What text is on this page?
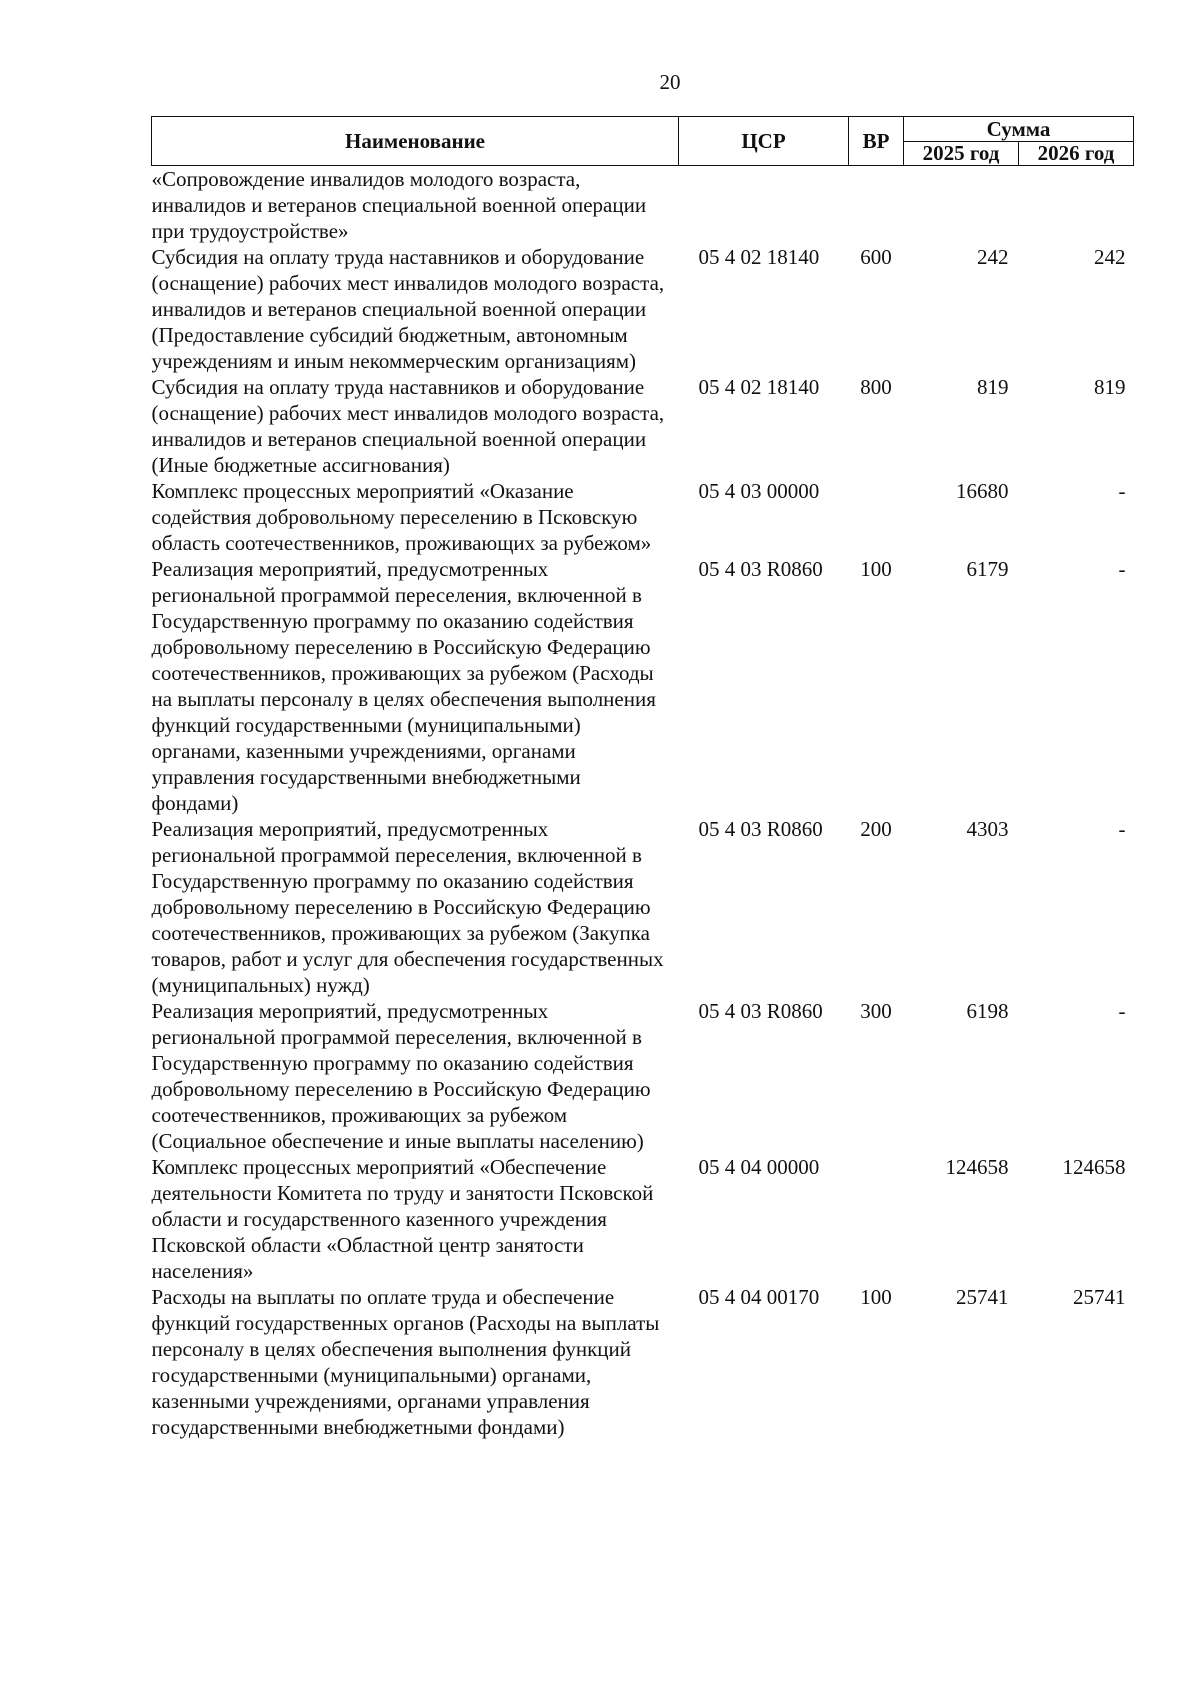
20
Наименование	ЦСР	ВР	Сумма	
			2025 год	2026 год
«Сопровождение инвалидов молодого возраста, инвалидов и ветеранов специальной военной операции при трудоустройстве»				
Субсидия на оплату труда наставников и оборудование (оснащение) рабочих мест инвалидов молодого возраста, инвалидов и ветеранов специальной военной операции (Предоставление субсидий бюджетным, автономным учреждениям и иным некоммерческим организациям)	05 4 02 18140	600	242	242
Субсидия на оплату труда наставников и оборудование (оснащение) рабочих мест инвалидов молодого возраста, инвалидов и ветеранов специальной военной операции (Иные бюджетные ассигнования)	05 4 02 18140	800	819	819
Комплекс процессных мероприятий «Оказание содействия добровольному переселению в Псковскую область соотечественников, проживающих за рубежом»	05 4 03 00000		16680	-
Реализация мероприятий, предусмотренных региональной программой переселения, включенной в Государственную программу по оказанию содействия добровольному переселению в Российскую Федерацию соотечественников, проживающих за рубежом (Расходы на выплаты персоналу в целях обеспечения выполнения функций государственными (муниципальными) органами, казенными учреждениями, органами управления государственными внебюджетными фондами)	05 4 03 R0860	100	6179	-
Реализация мероприятий, предусмотренных региональной программой переселения, включенной в Государственную программу по оказанию содействия добровольному переселению в Российскую Федерацию соотечественников, проживающих за рубежом (Закупка товаров, работ и услуг для обеспечения государственных (муниципальных) нужд)	05 4 03 R0860	200	4303	-
Реализация мероприятий, предусмотренных региональной программой переселения, включенной в Государственную программу по оказанию содействия добровольному переселению в Российскую Федерацию соотечественников, проживающих за рубежом (Социальное обеспечение и иные выплаты населению)	05 4 03 R0860	300	6198	-
Комплекс процессных мероприятий «Обеспечение деятельности Комитета по труду и занятости Псковской области и государственного казенного учреждения Псковской области «Областной центр занятости населения»	05 4 04 00000		124658	124658
Расходы на выплаты по оплате труда и обеспечение функций государственных органов (Расходы на выплаты персоналу в целях обеспечения выполнения функций государственными (муниципальными) органами, казенными учреждениями, органами управления государственными внебюджетными фондами)	05 4 04 00170	100	25741	25741
